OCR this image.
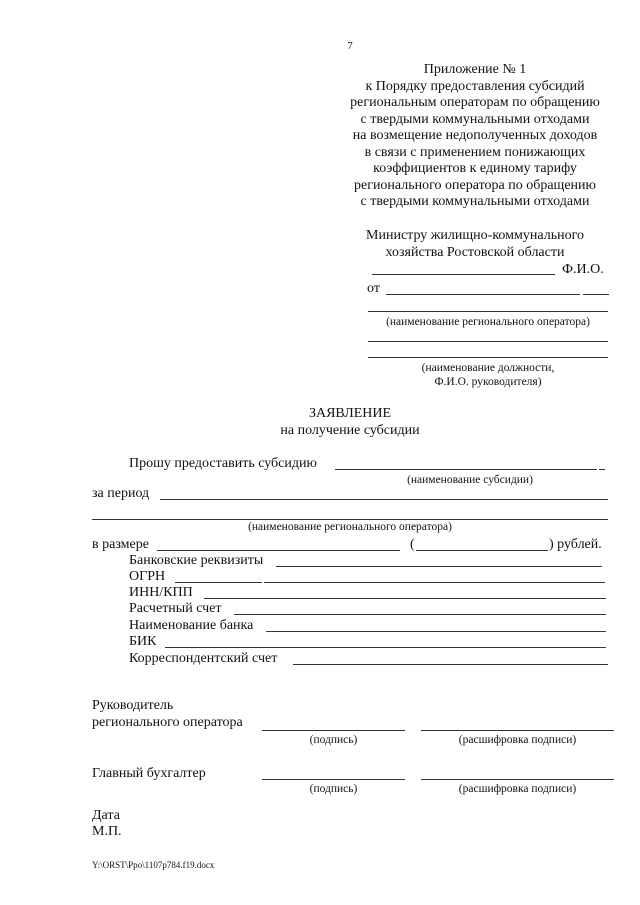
7
Приложение № 1
к Порядку предоставления субсидий
региональным операторам по обращению
с твердыми коммунальными отходами
на возмещение недополученных доходов
в связи с применением понижающих
коэффициентов к единому тарифу
регионального оператора по обращению
с твердыми коммунальными отходами
Министру жилищно-коммунального
хозяйства Ростовской области
Ф.И.О.
от
(наименование регионального оператора)
(наименование должности,
Ф.И.О. руководителя)
ЗАЯВЛЕНИЕ
на получение субсидии
Прошу предоставить субсидию
(наименование субсидии)
за период
(наименование регионального оператора)
в размере	(	) рублей.
Банковские реквизиты
ОГРН
ИНН/КПП
Расчетный счет
Наименование банка
БИК
Корреспондентский счет
Руководитель
регионального оператора
(подпись)	(расшифровка подписи)
Главный бухгалтер
(подпись)	(расшифровка подписи)
Дата
М.П.
Y:\ORST\Ppo\1107p784.f19.docx
